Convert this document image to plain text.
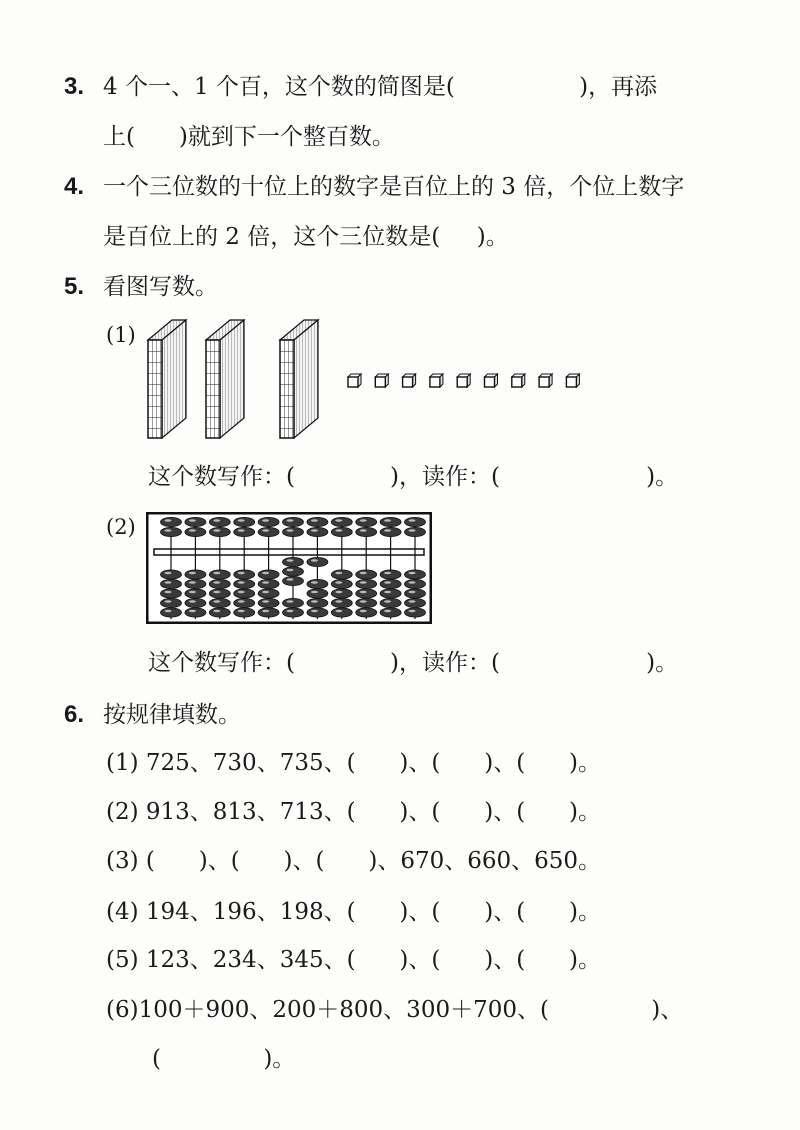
3. 4 个一、1 个百，这个数的简图是(                 )，再添
上(      )就到下一个整百数。
4. 一个三位数的十位上的数字是百位上的 3 倍，个位上数字
是百位上的 2 倍，这个三位数是(     )。
5. 看图写数。
(1)
这个数写作：(             )，读作：(                    )。
(2)
这个数写作：(             )，读作：(                    )。
6. 按规律填数。
(1) 725、730、735、(      )、(      )、(      )。
(2) 913、813、713、(      )、(      )、(      )。
(3) (      )、(      )、(      )、670、660、650。
(4) 194、196、198、(      )、(      )、(      )。
(5) 123、234、345、(      )、(      )、(      )。
(6)100＋900、200＋800、300＋700、(              )、
(              )。
